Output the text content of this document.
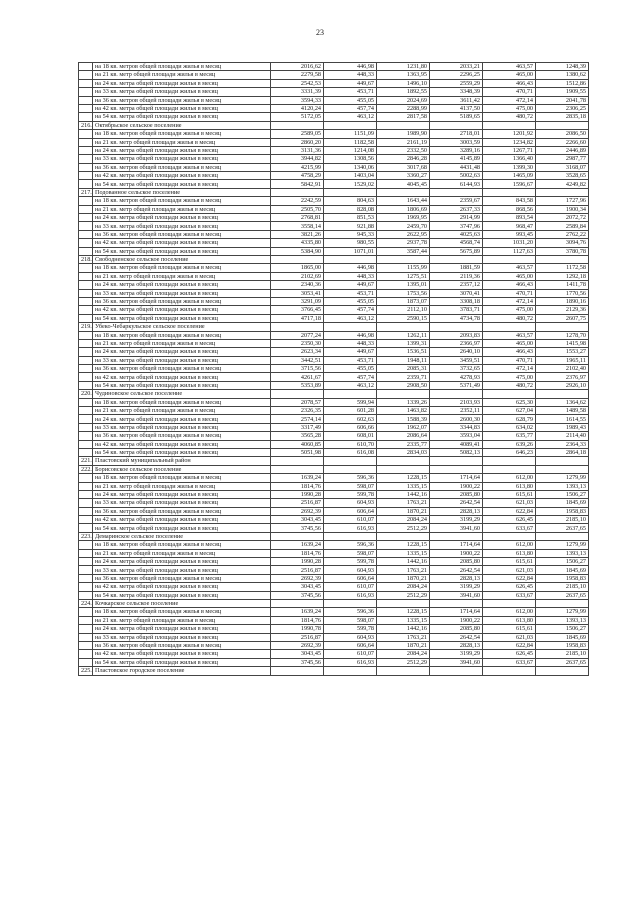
23
	на 18 кв. метров общей площади жилья в месяц	2016,62	446,98	1231,80	2033,21	463,57	1248,39
	на 21 кв. метр общей площади жилья в месяц	2279,58	448,33	1363,95	2296,25	465,00	1380,62
	на 24 кв. метра общей площади жилья в месяц	2542,53	449,67	1496,10	2559,29	466,43	1512,86
	на 33 кв. метра общей площади жилья в месяц	3331,39	453,71	1892,55	3348,39	470,71	1909,55
	на 36 кв. метров общей площади жилья в месяц	3594,33	455,05	2024,69	3611,42	472,14	2041,78
	на 42 кв. метра общей площади жилья в месяц	4120,24	457,74	2288,99	4137,50	475,00	2306,25
	на 54 кв. метра общей площади жилья в месяц	5172,05	463,12	2817,58	5189,65	480,72	2835,18
216.	Октябрьское сельское поселение						
	на 18 кв. метров общей площади жилья в месяц	2589,05	1151,09	1989,90	2718,01	1201,92	2086,50
	на 21 кв. метр общей площади жилья в месяц	2860,20	1182,58	2161,19	3003,59	1234,82	2266,60
	на 24 кв. метра общей площади жилья в месяц	3131,36	1214,08	2332,50	3289,16	1267,71	2446,89
	на 33 кв. метра общей площади жилья в месяц	3944,82	1308,56	2846,28	4145,89	1366,40	2987,77
	на 36 кв. метров общей площади жилья в месяц	4215,99	1340,06	3017,68	4431,48	1399,30	3168,07
	на 42 кв. метра общей площади жилья в месяц	4758,29	1403,04	3360,27	5002,63	1465,09	3528,65
	на 54 кв. метра общей площади жилья в месяц	5842,91	1529,02	4045,45	6144,93	1596,67	4249,82
217.	Подованное сельское поселение						
	на 18 кв. метров общей площади жилья в месяц	2242,59	804,63	1643,44	2359,67	843,58	1727,96
	на 21 кв. метр общей площади жилья в месяц	2505,70	828,08	1806,69	2637,33	868,56	1900,34
	на 24 кв. метра общей площади жилья в месяц	2768,81	851,53	1969,95	2914,99	893,54	2072,72
	на 33 кв. метра общей площади жилья в месяц	3558,14	921,88	2459,70	3747,96	968,47	2589,84
	на 36 кв. метров общей площади жилья в месяц	3821,26	945,33	2622,95	4025,63	993,45	2762,22
	на 42 кв. метра общей площади жилья в месяц	4335,80	980,55	2937,78	4568,74	1031,20	3094,76
	на 54 кв. метра общей площади жилья в месяц	5384,90	1071,01	3587,44	5675,89	1127,63	3780,78
218.	Свободненское сельское поселение						
	на 18 кв. метров общей площади жилья в месяц	1865,00	446,98	1155,99	1881,59	463,57	1172,58
	на 21 кв. метр общей площади жилья в месяц	2102,69	448,33	1275,51	2119,36	465,00	1292,18
	на 24 кв. метра общей площади жилья в месяц	2340,36	449,67	1395,01	2357,12	466,43	1411,78
	на 33 кв. метра общей площади жилья в месяц	3053,41	453,71	1753,56	3070,41	470,71	1770,56
	на 36 кв. метров общей площади жилья в месяц	3291,09	455,05	1873,07	3308,18	472,14	1890,16
	на 42 кв. метра общей площади жилья в месяц	3766,45	457,74	2112,10	3783,71	475,00	2129,36
	на 54 кв. метра общей площади жилья в месяц	4717,18	463,12	2590,15	4734,78	480,72	2607,75
219.	Убеко-Чебаркульское сельское поселение						
	на 18 кв. метров общей площади жилья в месяц	2077,24	446,98	1262,11	2093,83	463,57	1278,70
	на 21 кв. метр общей площади жилья в месяц	2350,30	448,33	1399,31	2366,97	465,00	1415,98
	на 24 кв. метра общей площади жилья в месяц	2623,34	449,67	1536,51	2640,10	466,43	1553,27
	на 33 кв. метра общей площади жилья в месяц	3442,51	453,71	1948,11	3459,51	470,71	1965,11
	на 36 кв. метров общей площади жилья в месяц	3715,56	455,05	2085,31	3732,65	472,14	2102,40
	на 42 кв. метра общей площади жилья в месяц	4261,67	457,74	2359,71	4278,93	475,00	2376,97
	на 54 кв. метра общей площади жилья в месяц	5353,89	463,12	2908,50	5371,49	480,72	2926,10
220.	Чудиновское сельское поселение						
	на 18 кв. метров общей площади жилья в месяц	2078,57	599,94	1339,26	2103,93	625,30	1364,62
	на 21 кв. метр общей площади жилья в месяц	2326,35	601,28	1463,82	2352,11	627,04	1489,58
	на 24 кв. метра общей площади жилья в месяц	2574,14	602,63	1588,39	2600,30	628,79	1614,55
	на 33 кв. метра общей площади жилья в месяц	3317,49	606,66	1962,07	3344,83	634,02	1989,43
	на 36 кв. метров общей площади жилья в месяц	3565,28	608,01	2086,64	3593,04	635,77	2114,40
	на 42 кв. метра общей площади жилья в месяц	4060,85	610,70	2335,77	4089,41	639,26	2364,33
	на 54 кв. метра общей площади жилья в месяц	5051,98	616,08	2834,03	5082,13	646,23	2864,18
221.	Пластовский муниципальный район						
222.	Борисовское сельское поселение						
	на 18 кв. метров общей площади жилья в месяц	1639,24	596,36	1228,15	1714,64	612,00	1279,99
	на 21 кв. метр общей площади жилья в месяц	1814,76	598,07	1335,15	1900,22	613,80	1393,13
	на 24 кв. метра общей площади жилья в месяц	1990,28	599,78	1442,16	2085,80	615,61	1506,27
	на 33 кв. метра общей площади жилья в месяц	2516,87	604,93	1763,21	2642,54	621,03	1845,69
	на 36 кв. метров общей площади жилья в месяц	2692,39	606,64	1870,21	2828,13	622,84	1958,83
	на 42 кв. метра общей площади жилья в месяц	3043,45	610,07	2084,24	3199,29	626,45	2185,10
	на 54 кв. метра общей площади жилья в месяц	3745,56	616,93	2512,29	3941,60	633,67	2637,65
223.	Демаринское сельское поселение						
	на 18 кв. метров общей площади жилья в месяц	1639,24	596,36	1228,15	1714,64	612,00	1279,99
	на 21 кв. метр общей площади жилья в месяц	1814,76	598,07	1335,15	1900,22	613,80	1393,13
	на 24 кв. метра общей площади жилья в месяц	1990,28	599,78	1442,16	2085,80	615,61	1506,27
	на 33 кв. метра общей площади жилья в месяц	2516,87	604,93	1763,21	2642,54	621,03	1845,69
	на 36 кв. метров общей площади жилья в месяц	2692,39	606,64	1870,21	2828,13	622,84	1958,83
	на 42 кв. метра общей площади жилья в месяц	3043,45	610,07	2084,24	3199,29	626,45	2185,10
	на 54 кв. метра общей площади жилья в месяц	3745,56	616,93	2512,29	3941,60	633,67	2637,65
224.	Кочкарское сельское поселение						
	на 18 кв. метров общей площади жилья в месяц	1639,24	596,36	1228,15	1714,64	612,00	1279,99
	на 21 кв. метр общей площади жилья в месяц	1814,76	598,07	1335,15	1900,22	613,80	1393,13
	на 24 кв. метра общей площади жилья в месяц	1990,78	599,78	1442,16	2085,80	615,61	1506,27
	на 33 кв. метра общей площади жилья в месяц	2516,87	604,93	1763,21	2642,54	621,03	1845,69
	на 36 кв. метров общей площади жилья в месяц	2692,39	606,64	1870,21	2828,13	622,84	1958,83
	на 42 кв. метра общей площади жилья в месяц	3043,45	610,07	2084,24	3199,29	626,45	2185,10
	на 54 кв. метра общей площади жилья в месяц	3745,56	616,93	2512,29	3941,60	633,67	2637,65
225.	Пластовское городское поселение						
